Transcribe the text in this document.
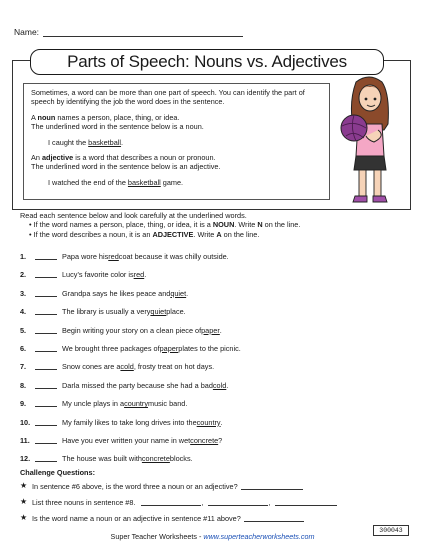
Name:
Parts of Speech: Nouns vs. Adjectives

Sometimes, a word can be more than one part of speech. You can identify the part of speech by identifying the job the word does in the sentence.

A noun names a person, place, thing, or idea.

The underlined word in the sentence below is a noun.

I caught the basketball.

An adjective is a word that describes a noun or pronoun.

The underlined word in the sentence below is an adjective.

I watched the end of the basketball game.

Read each sentence below and look carefully at the underlined words.
• If the word names a person, place, thing, or idea, it is a NOUN. Write N on the line.
• If the word describes a noun, it is an ADJECTIVE. Write A on the line.
1.	Papa wore his red coat because it was chilly outside.
2.	Lucy’s favorite color is red .
3.	Grandpa says he likes peace and quiet .
4.	The library is usually a very quiet place.
5.	Begin writing your story on a clean piece of paper .
6.	We brought three packages of paper plates to the picnic.
7.	Snow cones are a cold , frosty treat on hot days.
8.	Darla missed the party because she had a bad cold .
9.	My uncle plays in a country music band.
10.	My family likes to take long drives into the country .
11.	Have you ever written your name in wet concrete ?
12.	The house was built with concrete blocks.
Challenge Questions:
★ In sentence #6 above, is the word three a noun or an adjective?
★ List three nouns in sentence #8.	,	,
★ Is the word name a noun or an adjective in sentence #11 above?
Super Teacher Worksheets - www.superteacherworksheets.com
300043
